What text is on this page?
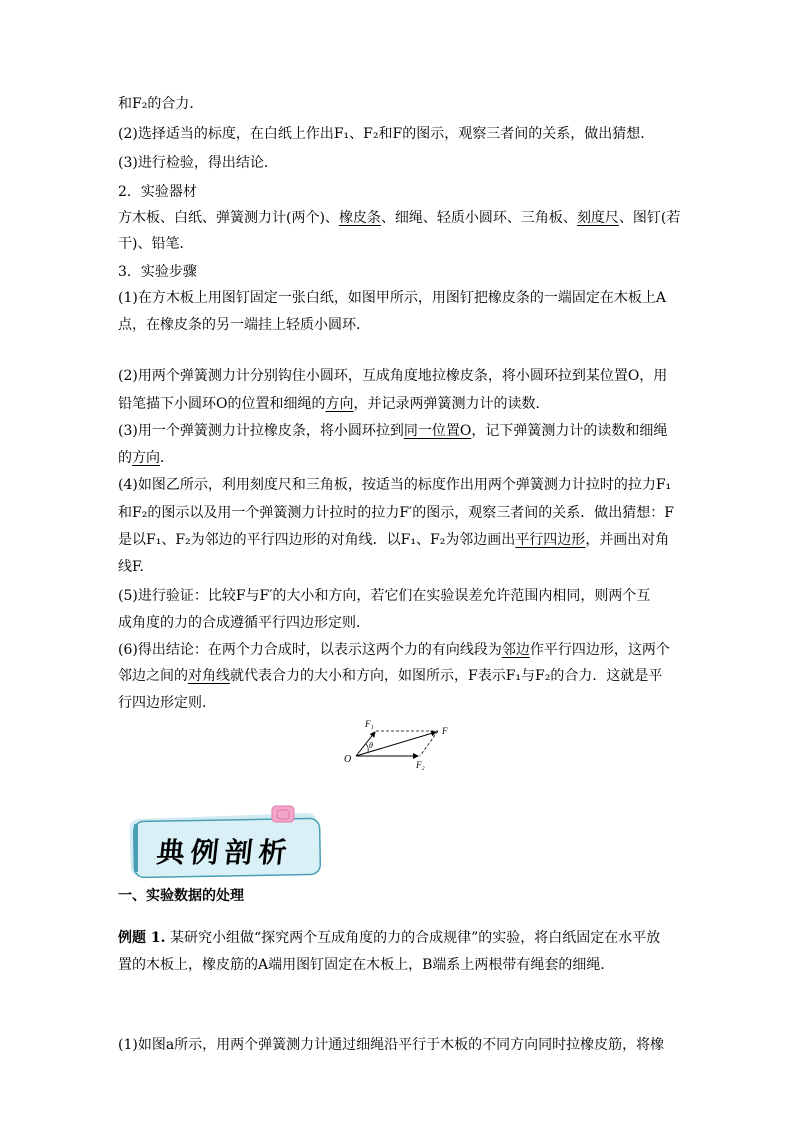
和F₂的合力．
(2)选择适当的标度，在白纸上作出F₁、F₂和F的图示，观察三者间的关系，做出猜想．
(3)进行检验，得出结论．
2．实验器材
方木板、白纸、弹簧测力计(两个)、橡皮条、细绳、轻质小圆环、三角板、刻度尺、图钉(若
干)、铅笔．
3．实验步骤
(1)在方木板上用图钉固定一张白纸，如图甲所示，用图钉把橡皮条的一端固定在木板上A
点，在橡皮条的另一端挂上轻质小圆环．
(2)用两个弹簧测力计分别钩住小圆环，互成角度地拉橡皮条，将小圆环拉到某位置O，用
铅笔描下小圆环O的位置和细绳的方向，并记录两弹簧测力计的读数．
(3)用一个弹簧测力计拉橡皮条，将小圆环拉到同一位置O，记下弹簧测力计的读数和细绳
的方向．
(4)如图乙所示，利用刻度尺和三角板，按适当的标度作出用两个弹簧测力计拉时的拉力F₁
和F₂的图示以及用一个弹簧测力计拉时的拉力F′的图示，观察三者间的关系．做出猜想：F
是以F₁、F₂为邻边的平行四边形的对角线．以F₁、F₂为邻边画出平行四边形，并画出对角
线F.
(5)进行验证：比较F与F′的大小和方向，若它们在实验误差允许范围内相同，则两个互
成角度的力的合成遵循平行四边形定则．
(6)得出结论：在两个力合成时，以表示这两个力的有向线段为邻边作平行四边形，这两个
邻边之间的对角线就代表合力的大小和方向，如图所示，F表示F₁与F₂的合力．这就是平
行四边形定则．
F₁
F
F₂
O
θ
典例剖析
一、实验数据的处理
例题 1. 某研究小组做“探究两个互成角度的力的合成规律”的实验，将白纸固定在水平放
置的木板上，橡皮筋的A端用图钉固定在木板上，B端系上两根带有绳套的细绳．
(1)如图a所示，用两个弹簧测力计通过细绳沿平行于木板的不同方向同时拉橡皮筋，将橡
